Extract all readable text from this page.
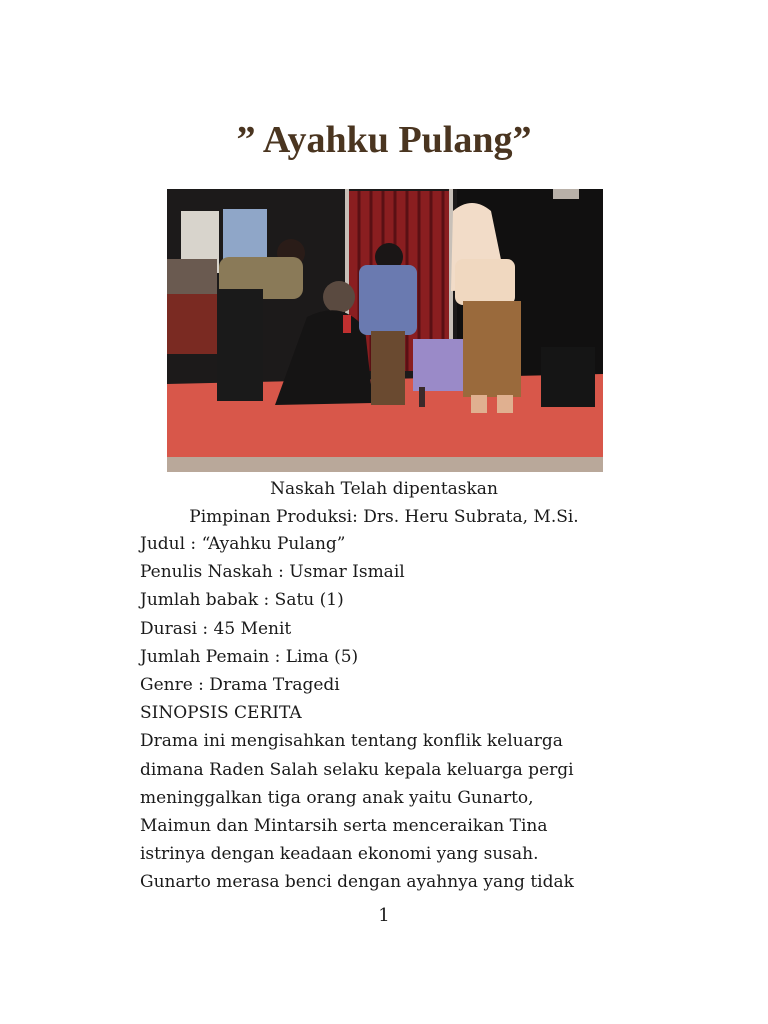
” Ayahku Pulang”
Naskah Telah dipentaskan
Pimpinan Produksi: Drs. Heru Subrata, M.Si.
Judul : “Ayahku Pulang”
Penulis Naskah : Usmar Ismail
Jumlah babak : Satu (1)
Durasi : 45 Menit
Jumlah Pemain : Lima (5)
Genre : Drama Tragedi
SINOPSIS CERITA
Drama ini mengisahkan tentang konflik keluarga
dimana Raden Salah selaku kepala keluarga pergi
meninggalkan tiga orang anak yaitu Gunarto,
Maimun dan Mintarsih serta menceraikan Tina
istrinya dengan keadaan ekonomi yang susah.
Gunarto merasa benci dengan ayahnya yang tidak
1
